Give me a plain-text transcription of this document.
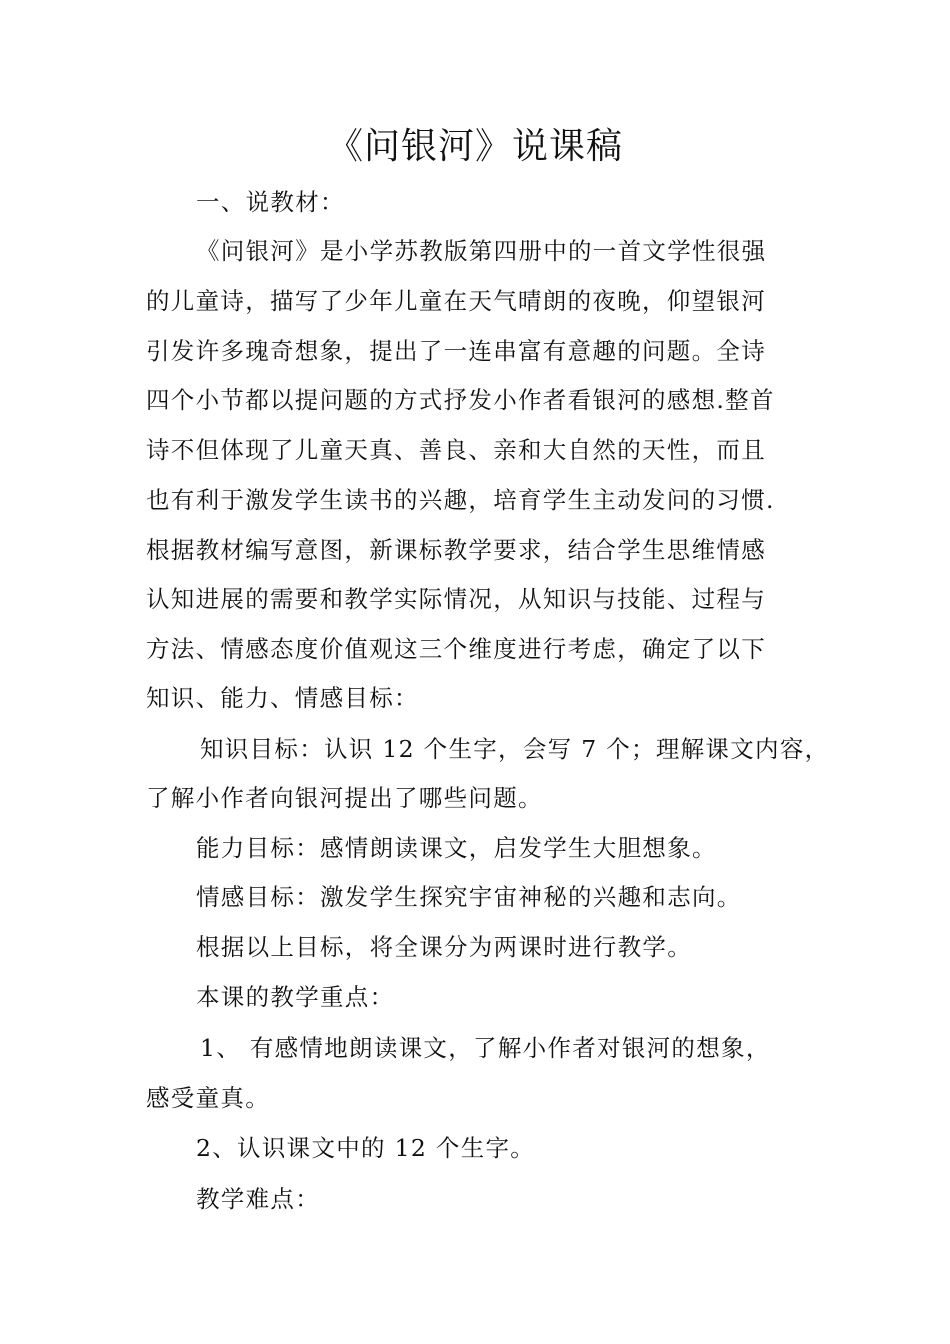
《问银河》说课稿
一、说教材：
《问银河》是小学苏教版第四册中的一首文学性很强
的儿童诗，描写了少年儿童在天气晴朗的夜晚，仰望银河
引发许多瑰奇想象，提出了一连串富有意趣的问题。全诗
四个小节都以提问题的方式抒发小作者看银河的感想.整首
诗不但体现了儿童天真、善良、亲和大自然的天性，而且
也有利于激发学生读书的兴趣，培育学生主动发问的习惯.
根据教材编写意图，新课标教学要求，结合学生思维情感
认知进展的需要和教学实际情况，从知识与技能、过程与
方法、情感态度价值观这三个维度进行考虑，确定了以下
知识、能力、情感目标：
知识目标：认识 12 个生字，会写 7 个；理解课文内容，
了解小作者向银河提出了哪些问题。
能力目标：感情朗读课文，启发学生大胆想象。
情感目标：激发学生探究宇宙神秘的兴趣和志向。
根据以上目标，将全课分为两课时进行教学。
本课的教学重点：
1、 有感情地朗读课文，了解小作者对银河的想象，
感受童真。
2、认识课文中的 12 个生字。
教学难点：
